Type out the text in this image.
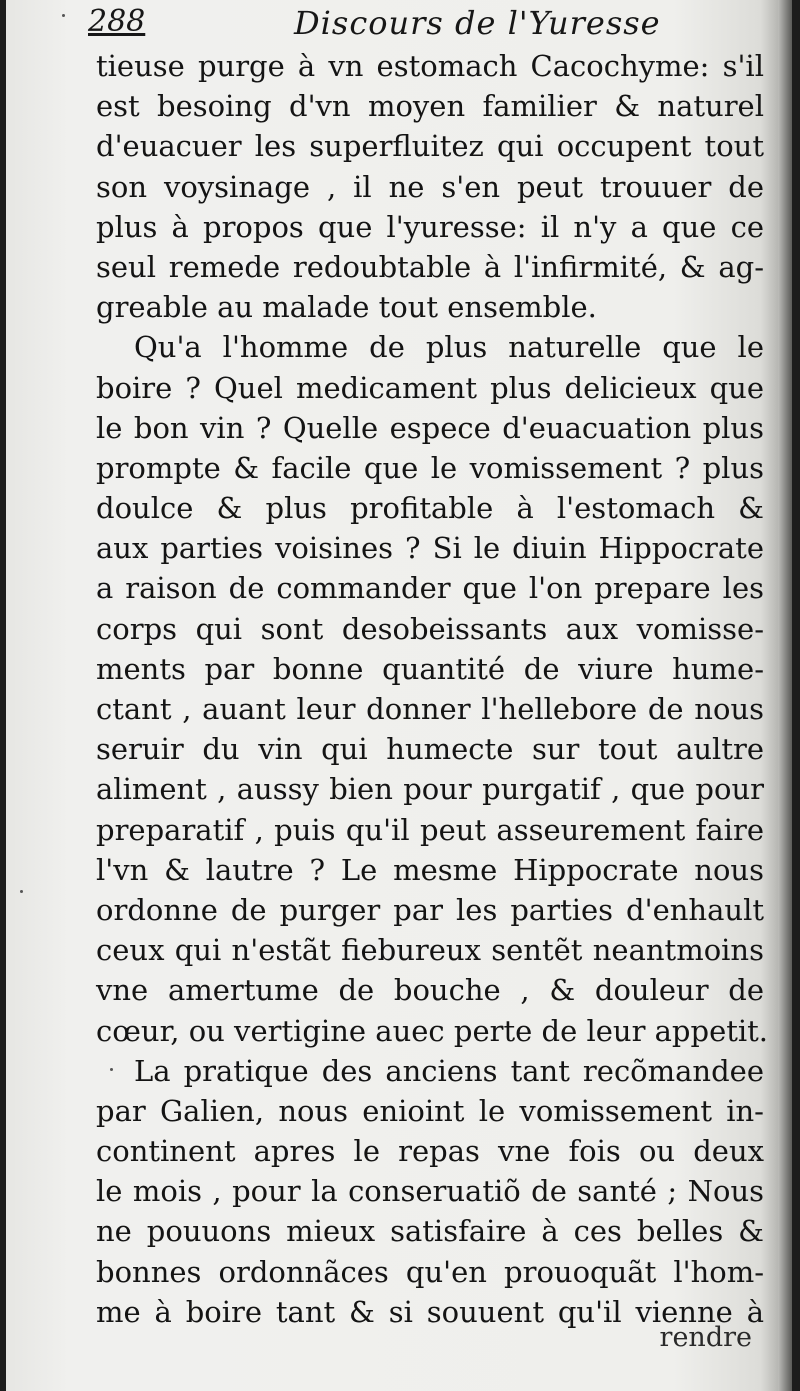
288	Discours de l'Yuresse
tieuse purge à vn estomach Cacochyme: s'il
est besoing d'vn moyen familier & naturel
d'euacuer les superfluitez qui occupent tout
son voysinage , il ne s'en peut trouuer de
plus à propos que l'yuresse: il n'y a que ce
seul remede redoubtable à l'infirmité, & ag-
greable au malade tout ensemble.
Qu'a l'homme de plus naturelle que le
boire ? Quel medicament plus delicieux que
le bon vin ? Quelle espece d'euacuation plus
prompte & facile que le vomissement ? plus
doulce & plus profitable à l'estomach &
aux parties voisines ? Si le diuin Hippocrate
a raison de commander que l'on prepare les
corps qui sont desobeissants aux vomisse-
ments par bonne quantité de viure hume-
ctant , auant leur donner l'hellebore de nous
seruir du vin qui humecte sur tout aultre
aliment , aussy bien pour purgatif , que pour
preparatif , puis qu'il peut asseurement faire
l'vn & lautre ? Le mesme Hippocrate nous
ordonne de purger par les parties d'enhault
ceux qui n'estãt fiebureux sentẽt neantmoins
vne amertume de bouche , & douleur de
cœur, ou vertigine auec perte de leur appetit.
La pratique des anciens tant recõmandee
par Galien, nous enioint le vomissement in-
continent apres le repas vne fois ou deux
le mois , pour la conseruatiõ de santé ; Nous
ne pouuons mieux satisfaire à ces belles &
bonnes ordonnãces qu'en prouoquãt l'hom-
me à boire tant & si souuent qu'il vienne à
rendre
